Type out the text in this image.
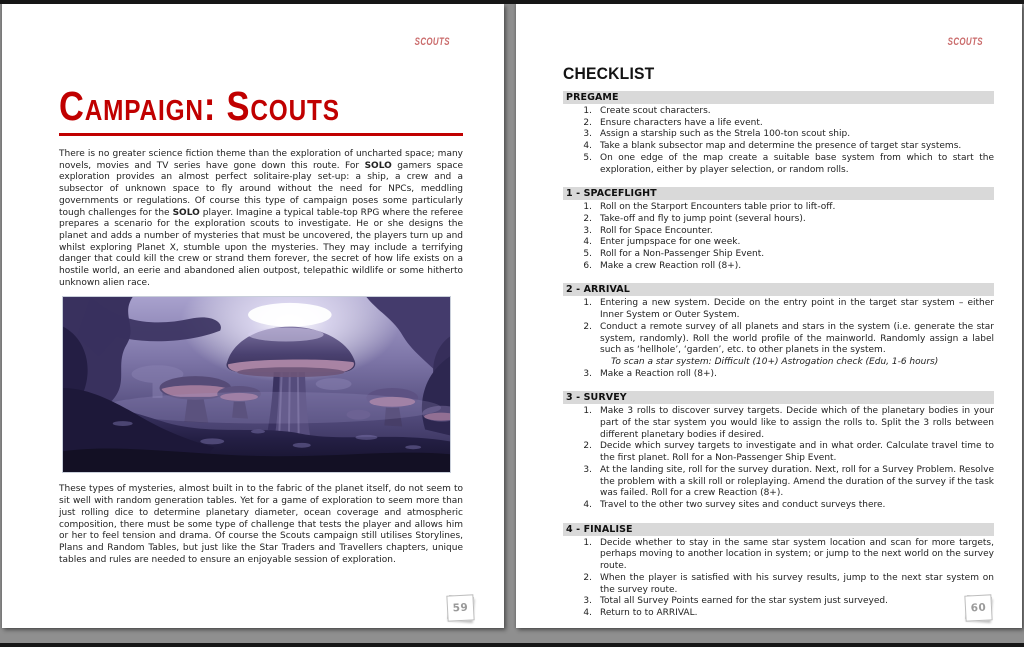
SCOUTS
Campaign: Scouts

There is no greater science fiction theme than the exploration of uncharted space; many novels, movies and TV series have gone down this route. For SOLO gamers space exploration provides an almost perfect solitaire-play set-up: a ship, a crew and a subsector of unknown space to fly around without the need for NPCs, meddling governments or regulations. Of course this type of campaign poses some particularly tough challenges for the SOLO player. Imagine a typical table-top RPG where the referee prepares a scenario for the exploration scouts to investigate. He or she designs the planet and adds a number of mysteries that must be uncovered, the players turn up and whilst exploring Planet X, stumble upon the mysteries. They may include a terrifying danger that could kill the crew or strand them forever, the secret of how life exists on a hostile world, an eerie and abandoned alien outpost, telepathic wildlife or some hitherto unknown alien race.

These types of mysteries, almost built in to the fabric of the planet itself, do not seem to sit well with random generation tables. Yet for a game of exploration to seem more than just rolling dice to determine planetary diameter, ocean coverage and atmospheric composition, there must be some type of challenge that tests the player and allows him or her to feel tension and drama. Of course the Scouts campaign still utilises Storylines, Plans and Random Tables, but just like the Star Traders and Travellers chapters, unique tables and rules are needed to ensure an enjoyable session of exploration.

59
SCOUTS
CHECKLIST
PREGAME
Create scout characters.
Ensure characters have a life event.
Assign a starship such as the Strela 100-ton scout ship.
Take a blank subsector map and determine the presence of target star systems.
On one edge of the map create a suitable base system from which to start the exploration, either by player selection, or random rolls.
1 - SPACEFLIGHT
Roll on the Starport Encounters table prior to lift-off.
Take-off and fly to jump point (several hours).
Roll for Space Encounter.
Enter jumpspace for one week.
Roll for a Non-Passenger Ship Event.
Make a crew Reaction roll (8+).
2 - ARRIVAL
Entering a new system. Decide on the entry point in the target star system – either Inner System or Outer System.
Conduct a remote survey of all planets and stars in the system (i.e. generate the star system, randomly). Roll the world profile of the mainworld. Randomly assign a label such as ‘hellhole’, ‘garden’, etc. to other planets in the system.
To scan a star system: Difficult (10+) Astrogation check (Edu, 1-6 hours)
Make a Reaction roll (8+).
3 - SURVEY
Make 3 rolls to discover survey targets. Decide which of the planetary bodies in your part of the star system you would like to assign the rolls to. Split the 3 rolls between different planetary bodies if desired.
Decide which survey targets to investigate and in what order. Calculate travel time to the first planet. Roll for a Non-Passenger Ship Event.
At the landing site, roll for the survey duration. Next, roll for a Survey Problem. Resolve the problem with a skill roll or roleplaying. Amend the duration of the survey if the task was failed. Roll for a crew Reaction (8+).
Travel to the other two survey sites and conduct surveys there.
4 - FINALISE
Decide whether to stay in the same star system location and scan for more targets, perhaps moving to another location in system; or jump to the next world on the survey route.
When the player is satisfied with his survey results, jump to the next star system on the survey route.
Total all Survey Points earned for the star system just surveyed.
Return to to ARRIVAL.	60
